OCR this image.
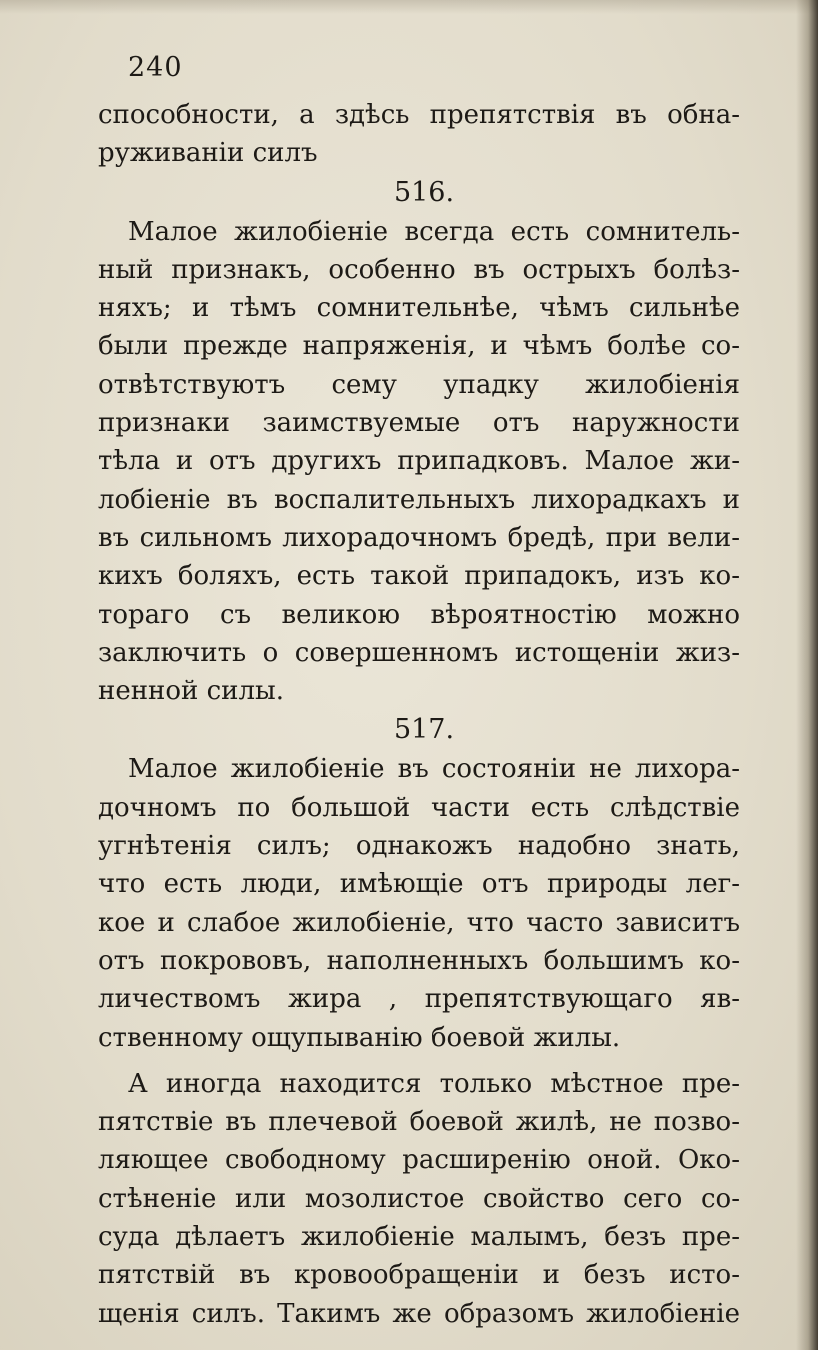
240
способности, а здѣсь препятствія въ обна-
руживаніи силъ
516.
Малое жилобіеніе всегда есть сомнитель-
ный признакъ, особенно въ острыхъ болѣз-
няхъ; и тѣмъ сомнительнѣе, чѣмъ сильнѣе
были прежде напряженія, и чѣмъ болѣе со-
отвѣтствуютъ сему упадку жилобіенія
признаки заимствуемые отъ наружности
тѣла и отъ другихъ припадковъ. Малое жи-
лобіеніе въ воспалительныхъ лихорадкахъ и
въ сильномъ лихорадочномъ бредѣ, при вели-
кихъ боляхъ, есть такой припадокъ, изъ ко-
тораго съ великою вѣроятностію можно
заключить о совершенномъ истощеніи жиз-
ненной силы.
517.
Малое жилобіеніе въ состояніи не лихора-
дочномъ по большой части есть слѣдствіе
угнѣтенія силъ; однакожъ надобно знать,
что есть люди, имѣющіе отъ природы лег-
кое и слабое жилобіеніе, что часто зависитъ
отъ покрововъ, наполненныхъ большимъ ко-
личествомъ жира , препятствующаго яв-
ственному ощупыванію боевой жилы.
А иногда находится только мѣстное пре-
пятствіе въ плечевой боевой жилѣ, не позво-
ляющее свободному расширенію оной. Око-
стѣненіе или мозолистое свойство сего со-
суда дѣлаетъ жилобіеніе малымъ, безъ пре-
пятствій въ кровообращеніи и безъ исто-
щенія силъ. Такимъ же образомъ жилобіеніе
